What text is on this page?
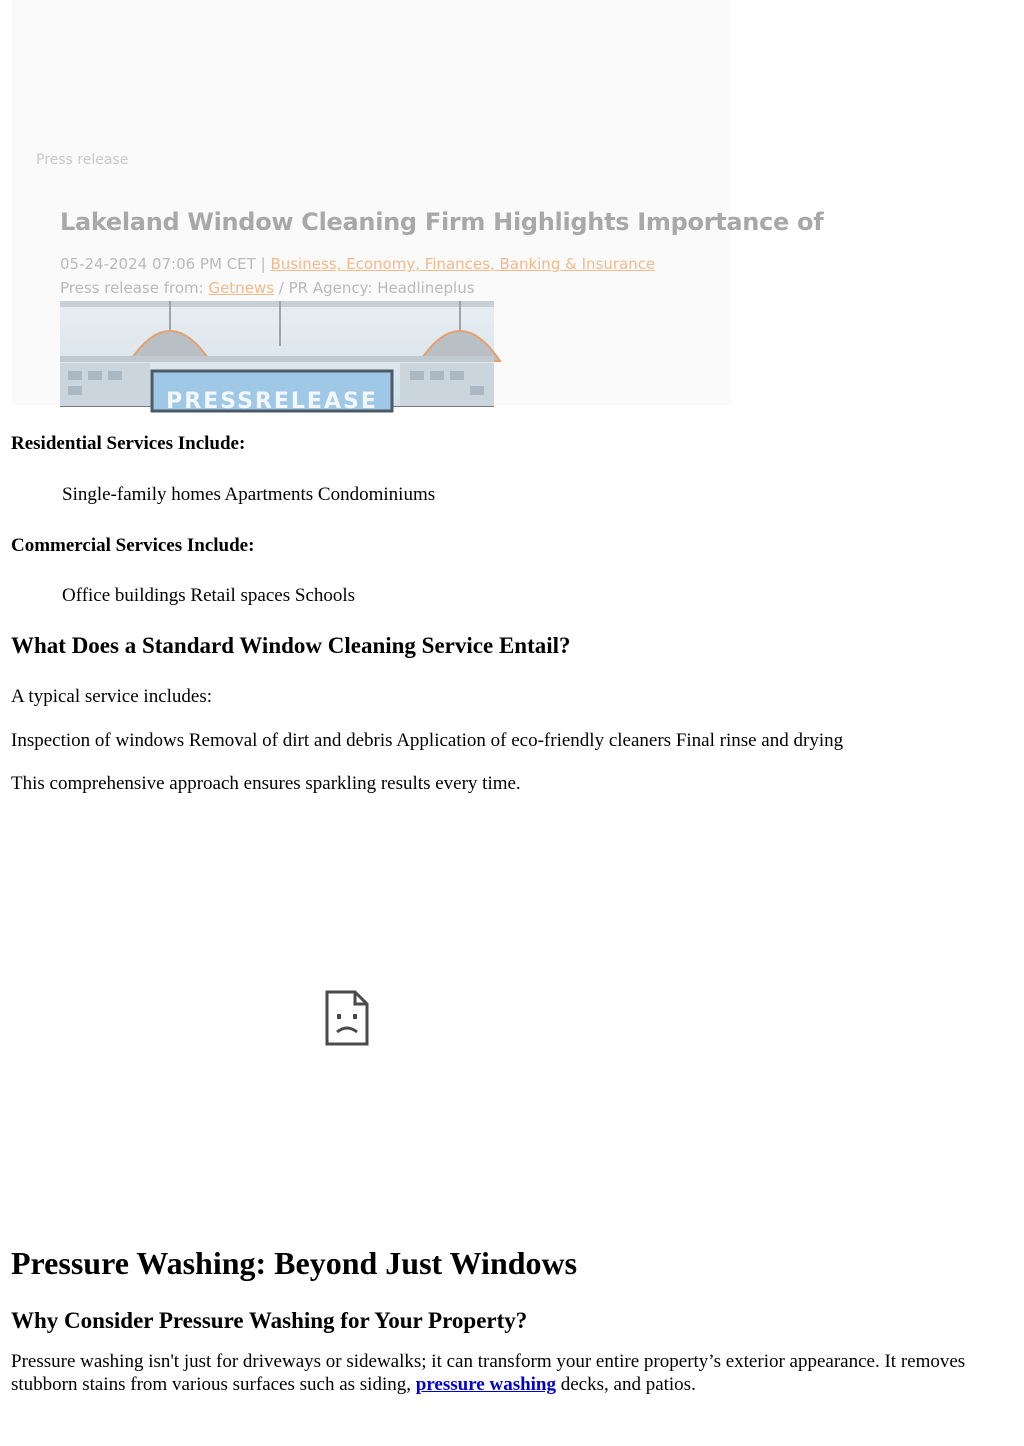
Press release
Lakeland Window Cleaning Firm Highlights Importance of
05-24-2024 07:06 PM CET | Business, Economy, Finances, Banking & Insurance
Press release from: Getnews / PR Agency: Headlineplus
PRESSRELEASE
Residential Services Include:
Single-family homes Apartments Condominiums
Commercial Services Include:
Office buildings Retail spaces Schools
What Does a Standard Window Cleaning Service Entail?
A typical service includes:
Inspection of windows Removal of dirt and debris Application of eco-friendly cleaners Final rinse and drying
This comprehensive approach ensures sparkling results every time.
Pressure Washing: Beyond Just Windows
Why Consider Pressure Washing for Your Property?

Pressure washing isn't just for driveways or sidewalks; it can transform your entire property’s exterior appearance. It removes stubborn stains from various surfaces such as siding, pressure washing decks, and patios.
